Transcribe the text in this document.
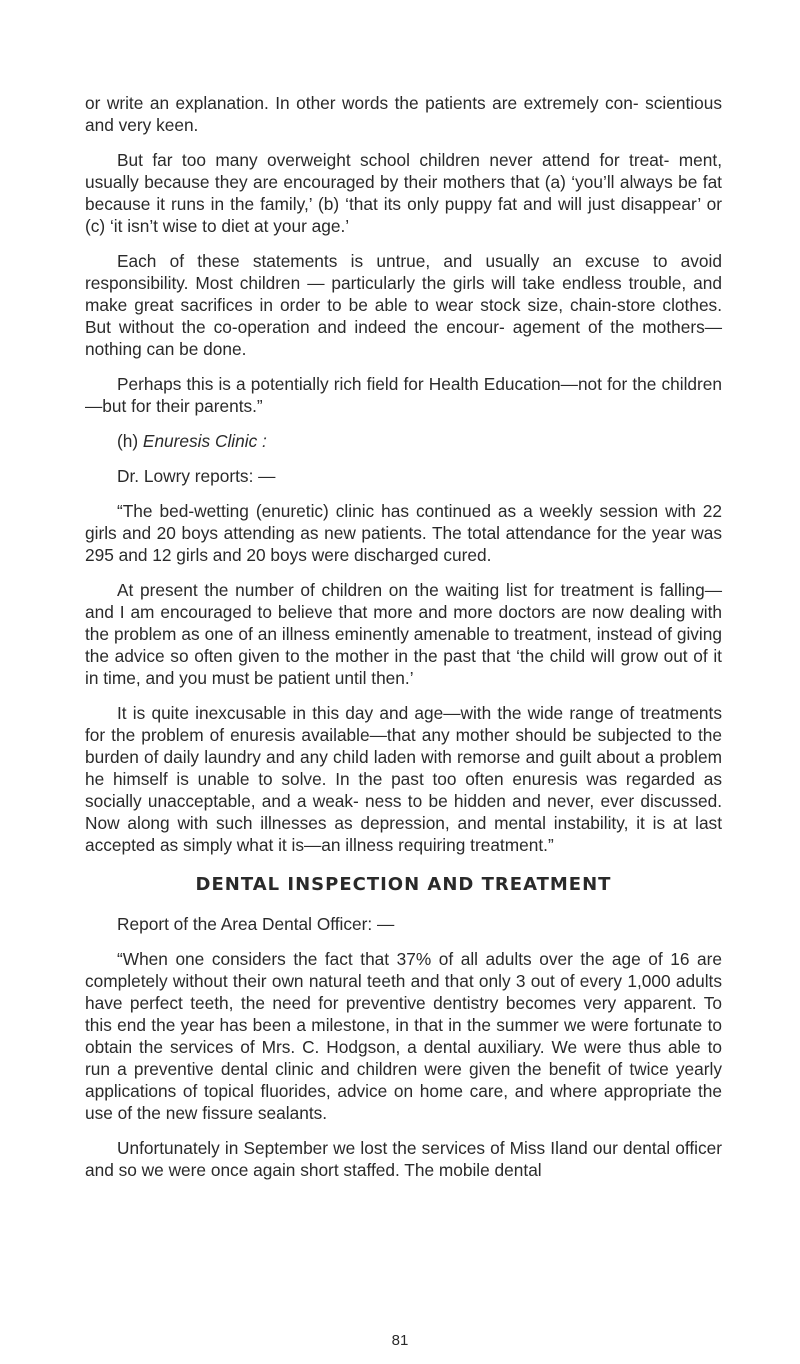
or write an explanation. In other words the patients are extremely con- scientious and very keen.

But far too many overweight school children never attend for treat- ment, usually because they are encouraged by their mothers that (a) ‘you’ll always be fat because it runs in the family,’ (b) ‘that its only puppy fat and will just disappear’ or (c) ‘it isn’t wise to diet at your age.’

Each of these statements is untrue, and usually an excuse to avoid responsibility. Most children — particularly the girls will take endless trouble, and make great sacrifices in order to be able to wear stock size, chain-store clothes. But without the co-operation and indeed the encour- agement of the mothers—nothing can be done.

Perhaps this is a potentially rich field for Health Education—not for the children—but for their parents.”

(h) Enuresis Clinic :

Dr. Lowry reports: —

“The bed-wetting (enuretic) clinic has continued as a weekly session with 22 girls and 20 boys attending as new patients. The total attendance for the year was 295 and 12 girls and 20 boys were discharged cured.

At present the number of children on the waiting list for treatment is falling—and I am encouraged to believe that more and more doctors are now dealing with the problem as one of an illness eminently amenable to treatment, instead of giving the advice so often given to the mother in the past that ‘the child will grow out of it in time, and you must be patient until then.’

It is quite inexcusable in this day and age—with the wide range of treatments for the problem of enuresis available—that any mother should be subjected to the burden of daily laundry and any child laden with remorse and guilt about a problem he himself is unable to solve. In the past too often enuresis was regarded as socially unacceptable, and a weak- ness to be hidden and never, ever discussed. Now along with such illnesses as depression, and mental instability, it is at last accepted as simply what it is—an illness requiring treatment.”

DENTAL INSPECTION AND TREATMENT

Report of the Area Dental Officer: —

“When one considers the fact that 37% of all adults over the age of 16 are completely without their own natural teeth and that only 3 out of every 1,000 adults have perfect teeth, the need for preventive dentistry becomes very apparent. To this end the year has been a milestone, in that in the summer we were fortunate to obtain the services of Mrs. C. Hodgson, a dental auxiliary. We were thus able to run a preventive dental clinic and children were given the benefit of twice yearly applications of topical fluorides, advice on home care, and where appropriate the use of the new fissure sealants.

Unfortunately in September we lost the services of Miss Iland our dental officer and so we were once again short staffed. The mobile dental

81
